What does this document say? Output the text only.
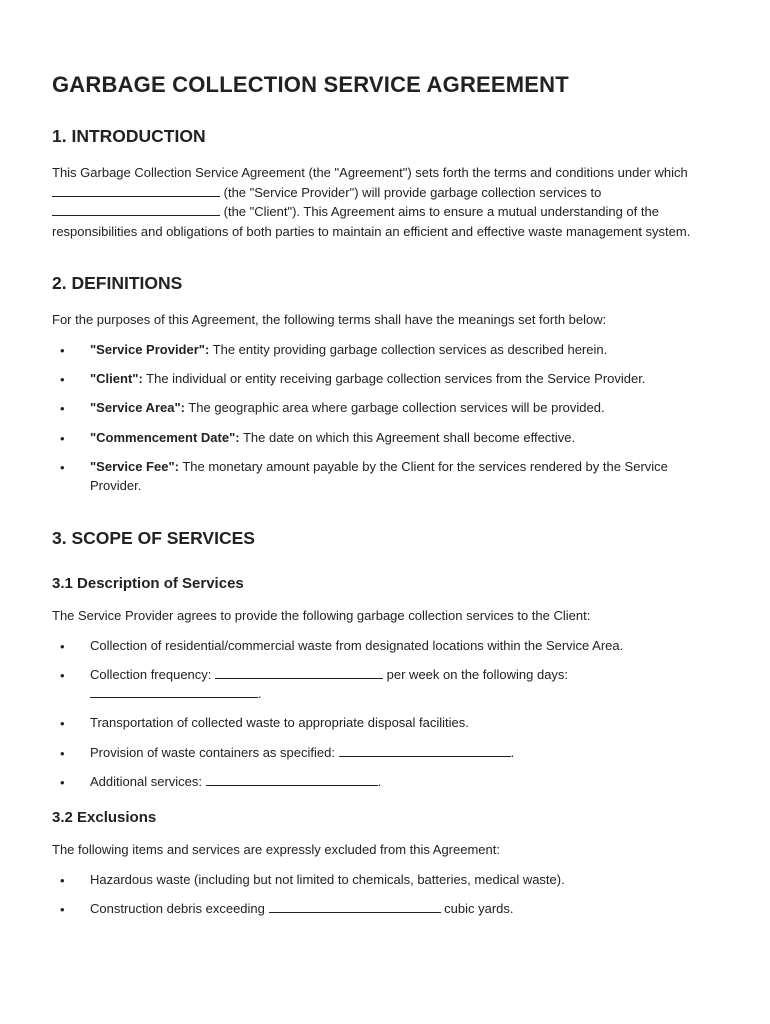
GARBAGE COLLECTION SERVICE AGREEMENT
1. INTRODUCTION

This Garbage Collection Service Agreement (the "Agreement") sets forth the terms and conditions under which  (the "Service Provider") will provide garbage collection services to  (the "Client"). This Agreement aims to ensure a mutual understanding of the responsibilities and obligations of both parties to maintain an efficient and effective waste management system.

2. DEFINITIONS

For the purposes of this Agreement, the following terms shall have the meanings set forth below:

• "Service Provider": The entity providing garbage collection services as described herein.
• "Client": The individual or entity receiving garbage collection services from the Service Provider.
• "Service Area": The geographic area where garbage collection services will be provided.
• "Commencement Date": The date on which this Agreement shall become effective.
• "Service Fee": The monetary amount payable by the Client for the services rendered by the Service Provider.
3. SCOPE OF SERVICES
3.1 Description of Services

The Service Provider agrees to provide the following garbage collection services to the Client:

• Collection of residential/commercial waste from designated locations within the Service Area.
• Collection frequency:	per week on the following days:
.
• Transportation of collected waste to appropriate disposal facilities.
• Provision of waste containers as specified:	.
• Additional services:	.
3.2 Exclusions

The following items and services are expressly excluded from this Agreement:

• Hazardous waste (including but not limited to chemicals, batteries, medical waste).
• Construction debris exceeding	cubic yards.
